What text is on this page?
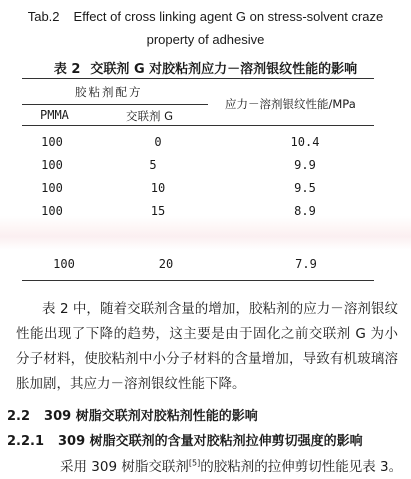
Tab.2 Effect of cross linking agent G on stress-solvent craze
property of adhesive
表 2 交联剂 G 对胶粘剂应力－溶剂银纹性能的影响
胶粘剂配方
PMMA	交联剂 G
应力－溶剂银纹性能/MPa
100	0	10.4
100	5	9.9
100	10	9.5
100	15	8.9
100	20	7.9
表 2 中，随着交联剂含量的增加，胶粘剂的应力－溶剂银纹性能出现了下降的趋势，这主要是由于固化之前交联剂 G 为小分子材料，使胶粘剂中小分子材料的含量增加，导致有机玻璃溶胀加剧，其应力－溶剂银纹性能下降。
2.2 309 树脂交联剂对胶粘剂性能的影响
2.2.1 309 树脂交联剂的含量对胶粘剂拉伸剪切强度的影响
采用 309 树脂交联剂[5]的胶粘剂的拉伸剪切性能见表 3。
